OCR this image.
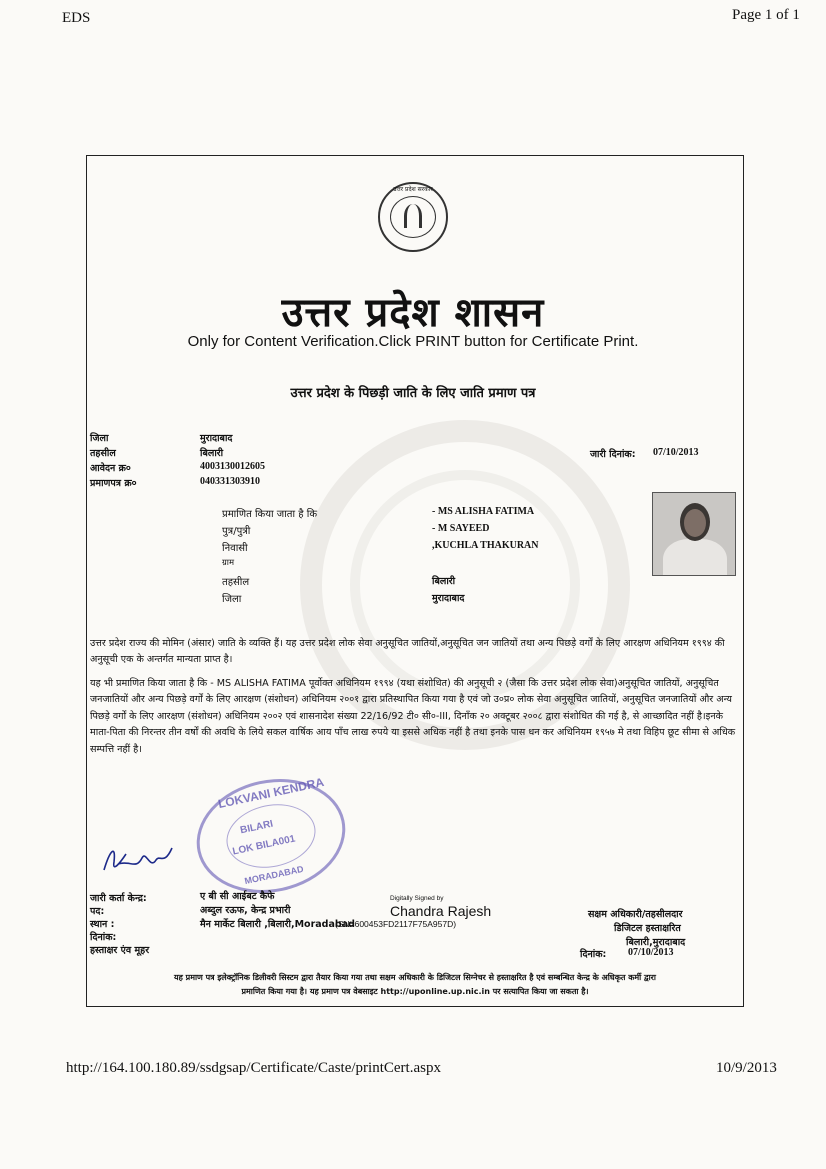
EDS	Page 1 of 1
उत्तर प्रदेश सरकार
उत्तर प्रदेश शासन
Only for Content Verification.Click PRINT button for Certificate Print.
उत्तर प्रदेश के पिछड़ी जाति के लिए जाति प्रमाण पत्र
जिला	मुरादाबाद
तहसील	बिलारी
आवेदन क्र०	4003130012605
प्रमाणपत्र क्र०	040331303910
जारी दिनांक: 07/10/2013
प्रमाणित किया जाता है कि	- MS ALISHA FATIMA
पुत्र/पुत्री	- M SAYEED
निवासी	,KUCHLA THAKURAN
ग्राम
तहसील	बिलारी
जिला	मुरादाबाद

उत्तर प्रदेश राज्य की मोमिन (अंसार) जाति के व्यक्ति हैं। यह उत्तर प्रदेश लोक सेवा अनुसूचित जातियों,अनुसूचित जन जातियों तथा अन्य पिछड़े वर्गों के लिए आरक्षण अधिनियम १९९४ की अनुसूची एक के अन्तर्गत मान्यता प्राप्त है।

यह भी प्रमाणित किया जाता है कि - MS ALISHA FATIMA पूर्वोक्त अधिनियम १९९४ (यथा संशोधित) की अनुसूची २ (जैसा कि उत्तर प्रदेश लोक सेवा)अनुसूचित जातियों, अनुसूचित जनजातियों और अन्य पिछड़े वर्गों के लिए आरक्षण (संशोधन) अधिनियम २००१ द्वारा प्रतिस्थापित किया गया है एवं जो उ०प्र० लोक सेवा अनुसूचित जातियों, अनुसूचित जनजातियों और अन्य पिछड़े वर्गों के लिए आरक्षण (संशोधन) अधिनियम २००२ एवं शासनादेश संख्या 22/16/92 टी० सी०-III, दिनाँक २० अक्टूबर २००८ द्वारा संशोधित की गई है, से आच्छादित नहीं है।इनके माता-पिता की निरन्तर तीन वर्षों की अवधि के लिये सकल वार्षिक आय पाँच लाख रुपये या इससे अधिक नहीं है तथा इनके पास धन कर अधिनियम १९५७ मे तथा विहिप छूट सीमा से अधिक सम्पत्ति नहीं है।

LOKVANI KENDRA
BILARI
LOK BILA001
MORADABAD
जारी कर्ता केन्द्र:	ए बी सी आईबट कैफे
पद:	अब्दुल रऊफ, केन्द्र प्रभारी
स्थान :	मैन मार्केट बिलारी ,बिलारी,Moradabad
दिनांक:
हस्ताक्षर एंव मूहर
Digitally Signed by
Chandra Rajesh
(SN=600453FD2117F75A957D)
सक्षम अधिकारी/तहसीलदार
डिजिटल हस्ताक्षरित
बिलारी,मुरादाबाद
दिनांक: 07/10/2013
यह प्रमाण पत्र इलेक्ट्रॉनिक डिलीवरी सिस्टम द्वारा तैयार किया गया तथा सक्षम अधिकारी के डिजिटल सिग्नेचर से हस्ताक्षरित है एवं सम्बन्धित केन्द्र के अधिकृत कर्मी द्वारा
प्रमाणित किया गया है। यह प्रमाण पत्र वेबसाइट http://uponline.up.nic.in पर सत्यापित किया जा सकता है।
http://164.100.180.89/ssdgsap/Certificate/Caste/printCert.aspx	10/9/2013
